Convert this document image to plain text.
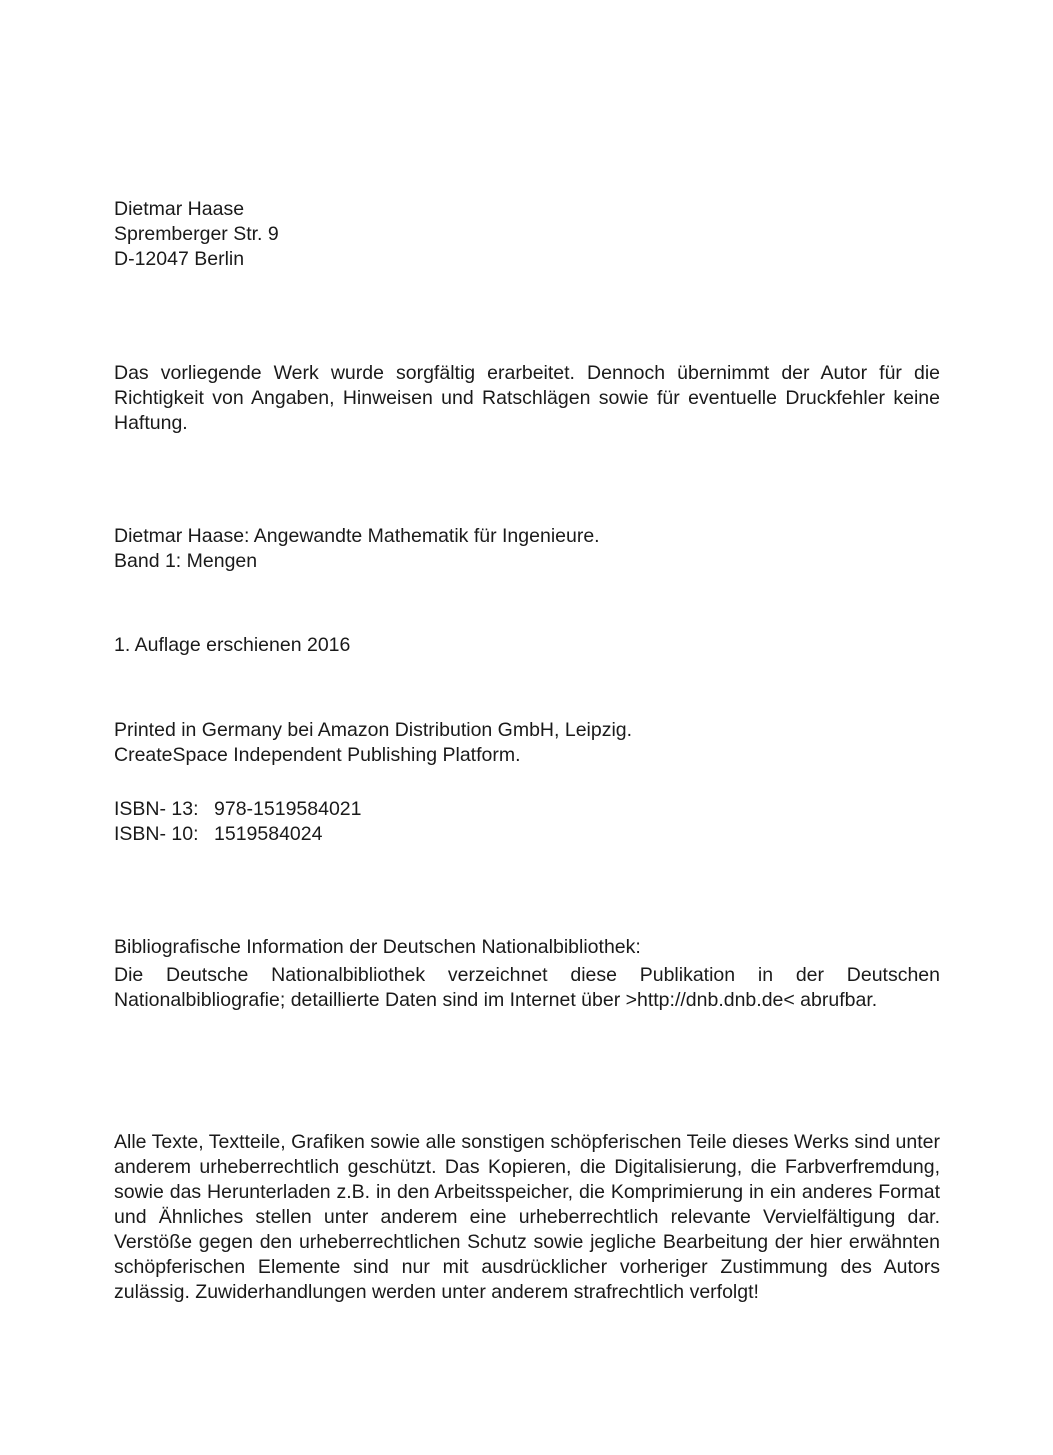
Dietmar Haase
Spremberger Str. 9
D-12047 Berlin
Das vorliegende Werk wurde sorgfältig erarbeitet. Dennoch übernimmt der Autor für die Richtigkeit von Angaben, Hinweisen und Ratschlägen sowie für eventuelle Druckfehler keine Haftung.
Dietmar Haase: Angewandte Mathematik für Ingenieure.
Band 1: Mengen
1. Auflage erschienen 2016
Printed in Germany bei Amazon Distribution GmbH, Leipzig.
CreateSpace Independent Publishing Platform.
ISBN- 13: 978-1519584021
ISBN- 10: 1519584024
Bibliografische Information der Deutschen Nationalbibliothek:
Die Deutsche Nationalbibliothek verzeichnet diese Publikation in der Deutschen Nationalbibliografie; detaillierte Daten sind im Internet über >http://dnb.dnb.de< abrufbar.
Alle Texte, Textteile, Grafiken sowie alle sonstigen schöpferischen Teile dieses Werks sind unter anderem urheberrechtlich geschützt. Das Kopieren, die Digitalisierung, die Farbverfremdung, sowie das Herunterladen z.B. in den Arbeitsspeicher, die Komprimierung in ein anderes Format und Ähnliches stellen unter anderem eine urheberrechtlich relevante Vervielfältigung dar. Verstöße gegen den urheberrechtlichen Schutz sowie jegliche Bearbeitung der hier erwähnten schöpferischen Elemente sind nur mit ausdrücklicher vorheriger Zustimmung des Autors zulässig. Zuwiderhandlungen werden unter anderem strafrechtlich verfolgt!
